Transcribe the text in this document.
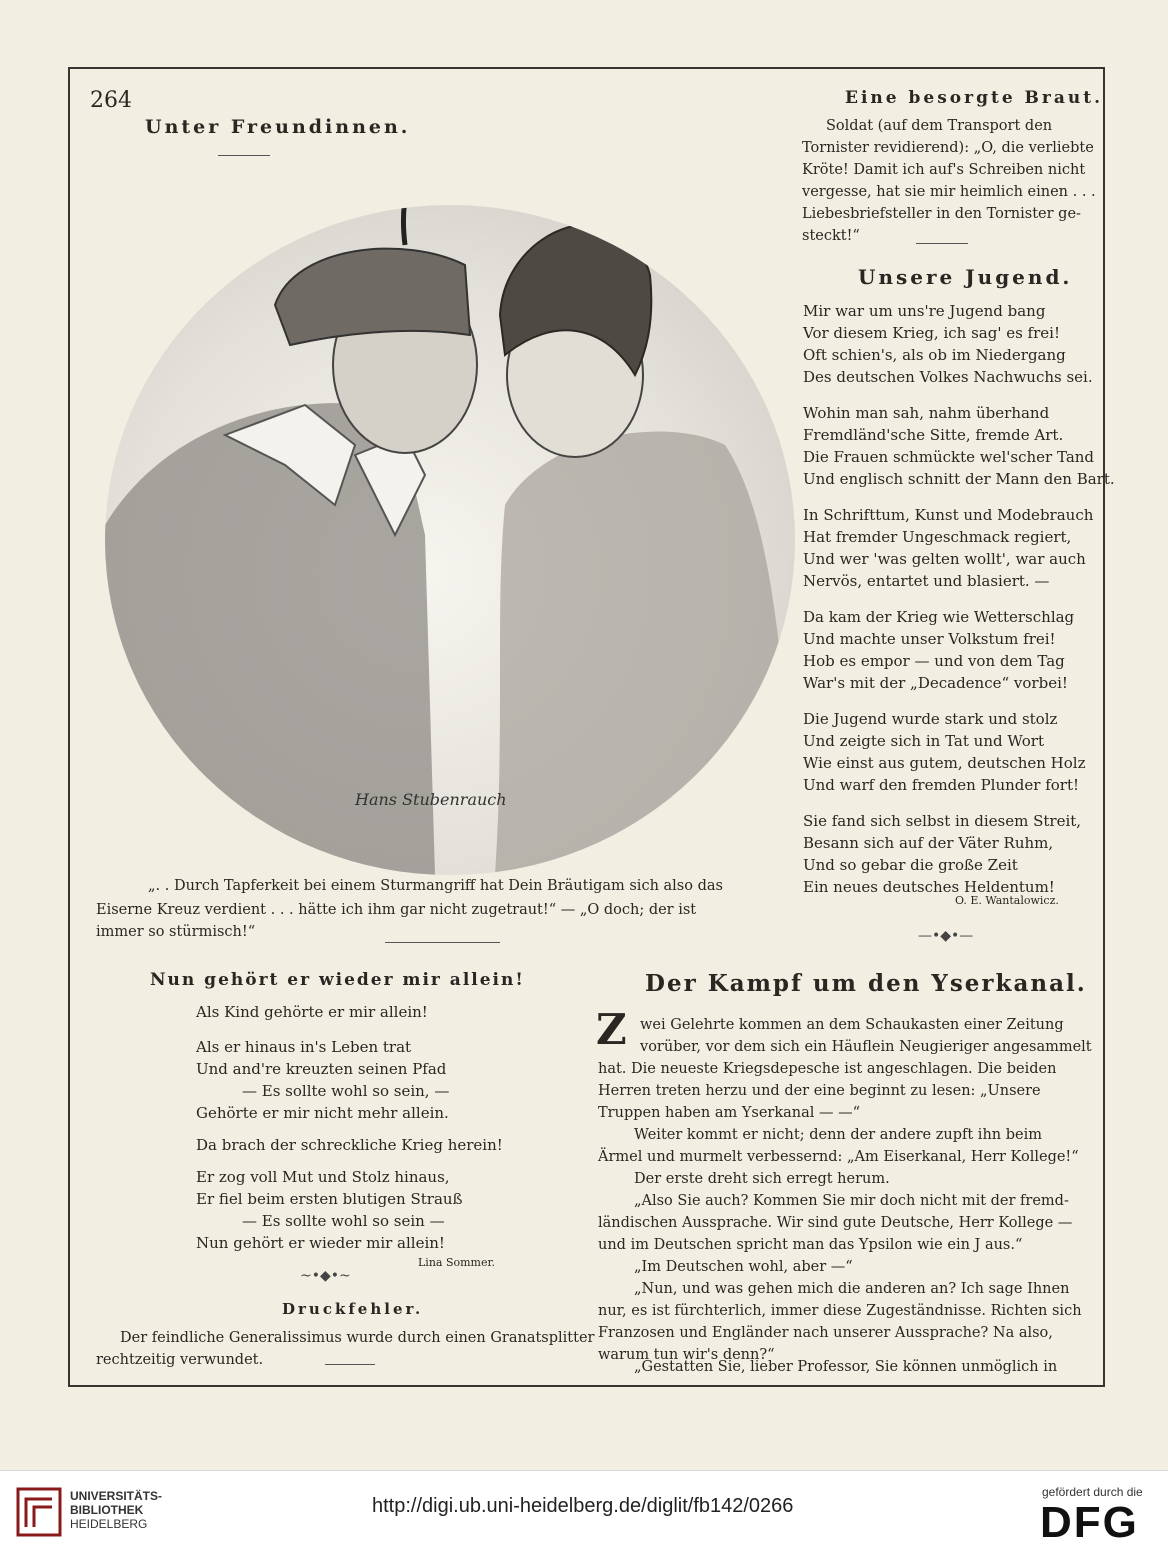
264
Unter Freundinnen.
Hans Stubenrauch
„. . Durch Tapferkeit bei einem Sturmangriff hat Dein Bräutigam sich also das
Eiserne Kreuz verdient . . . hätte ich ihm gar nicht zugetraut!“ — „O doch; der ist
immer so stürmisch!“
Eine besorgte Braut.
Soldat (auf dem Transport den
Tornister revidierend): „O, die verliebte
Kröte! Damit ich auf's Schreiben nicht
vergesse, hat sie mir heimlich einen . . .
Liebesbriefsteller in den Tornister ge-
steckt!“
Unsere Jugend.
Mir war um uns're Jugend bang
Vor diesem Krieg, ich sag' es frei!
Oft schien's, als ob im Niedergang
Des deutschen Volkes Nachwuchs sei.
Wohin man sah, nahm überhand
Fremdländ'sche Sitte, fremde Art.
Die Frauen schmückte wel'scher Tand
Und englisch schnitt der Mann den Bart.
In Schrifttum, Kunst und Modebrauch
Hat fremder Ungeschmack regiert,
Und wer 'was gelten wollt', war auch
Nervös, entartet und blasiert. —
Da kam der Krieg wie Wetterschlag
Und machte unser Volkstum frei!
Hob es empor — und von dem Tag
War's mit der „Decadence“ vorbei!
Die Jugend wurde stark und stolz
Und zeigte sich in Tat und Wort
Wie einst aus gutem, deutschen Holz
Und warf den fremden Plunder fort!
Sie fand sich selbst in diesem Streit,
Besann sich auf der Väter Ruhm,
Und so gebar die große Zeit
Ein neues deutsches Heldentum!
O. E. Wantalowicz.
—•◆•—
Nun gehört er wieder mir allein!
Als Kind gehörte er mir allein!
Als er hinaus in's Leben trat
Und and're kreuzten seinen Pfad
— Es sollte wohl so sein, —
Gehörte er mir nicht mehr allein.
Da brach der schreckliche Krieg herein!
Er zog voll Mut und Stolz hinaus,
Er fiel beim ersten blutigen Strauß
— Es sollte wohl so sein —
Nun gehört er wieder mir allein!
Lina Sommer.
~•◆•~
Druckfehler.
Der feindliche Generalissimus wurde durch einen Granatsplitter
rechtzeitig verwundet.
Der Kampf um den Yserkanal.
Z wei Gelehrte kommen an dem Schaukasten einer Zeitung
vorüber, vor dem sich ein Häuflein Neugieriger angesammelt
hat. Die neueste Kriegsdepesche ist angeschlagen. Die beiden
Herren treten herzu und der eine beginnt zu lesen: „Unsere
Truppen haben am Yserkanal — —“
Weiter kommt er nicht; denn der andere zupft ihn beim
Ärmel und murmelt verbessernd: „Am Eiserkanal, Herr Kollege!“
Der erste dreht sich erregt herum.
„Also Sie auch? Kommen Sie mir doch nicht mit der fremd-
ländischen Aussprache. Wir sind gute Deutsche, Herr Kollege —
und im Deutschen spricht man das Ypsilon wie ein J aus.“
„Im Deutschen wohl, aber —“
„Nun, und was gehen mich die anderen an? Ich sage Ihnen
nur, es ist fürchterlich, immer diese Zugeständnisse. Richten sich
Franzosen und Engländer nach unserer Aussprache? Na also,
warum tun wir's denn?“
„Gestatten Sie, lieber Professor, Sie können unmöglich in
UNIVERSITÄTS-
BIBLIOTHEK
HEIDELBERG
http://digi.ub.uni-heidelberg.de/diglit/fb142/0266
gefördert durch die
DFG
